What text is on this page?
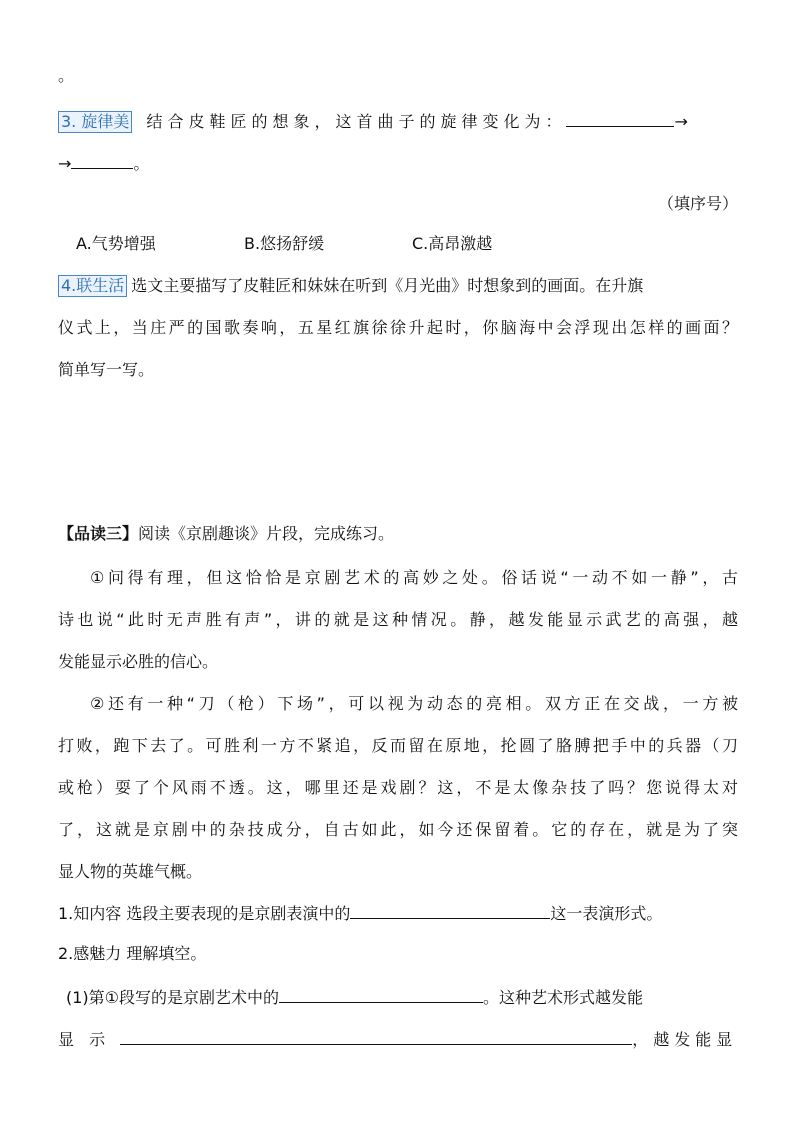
。
3. 旋律美 结合皮鞋匠的想象，这首曲子的旋律变化为：	→
→	。
（填序号）
A.气势增强	B.悠扬舒缓	C.高昂激越
4.联生活 选文主要描写了皮鞋匠和妹妹在听到《月光曲》时想象到的画面。在升旗
仪式上，当庄严的国歌奏响，五星红旗徐徐升起时，你脑海中会浮现出怎样的画面？
简单写一写。
【品读三】阅读《京剧趣谈》片段，完成练习。
①问得有理，但这恰恰是京剧艺术的高妙之处。俗话说“一动不如一静”，古
诗也说“此时无声胜有声”，讲的就是这种情况。静，越发能显示武艺的高强，越
发能显示必胜的信心。
②还有一种“刀（枪）下场”，可以视为动态的亮相。双方正在交战，一方被
打败，跑下去了。可胜利一方不紧追，反而留在原地，抡圆了胳膊把手中的兵器（刀
或枪）耍了个风雨不透。这，哪里还是戏剧？这，不是太像杂技了吗？您说得太对
了，这就是京剧中的杂技成分，自古如此，如今还保留着。它的存在，就是为了突
显人物的英雄气概。
1.知内容 选段主要表现的是京剧表演中的	这一表演形式。
2.感魅力 理解填空。
(1)第①段写的是京剧艺术中的	。这种艺术形式越发能
显 示	，越发能显
